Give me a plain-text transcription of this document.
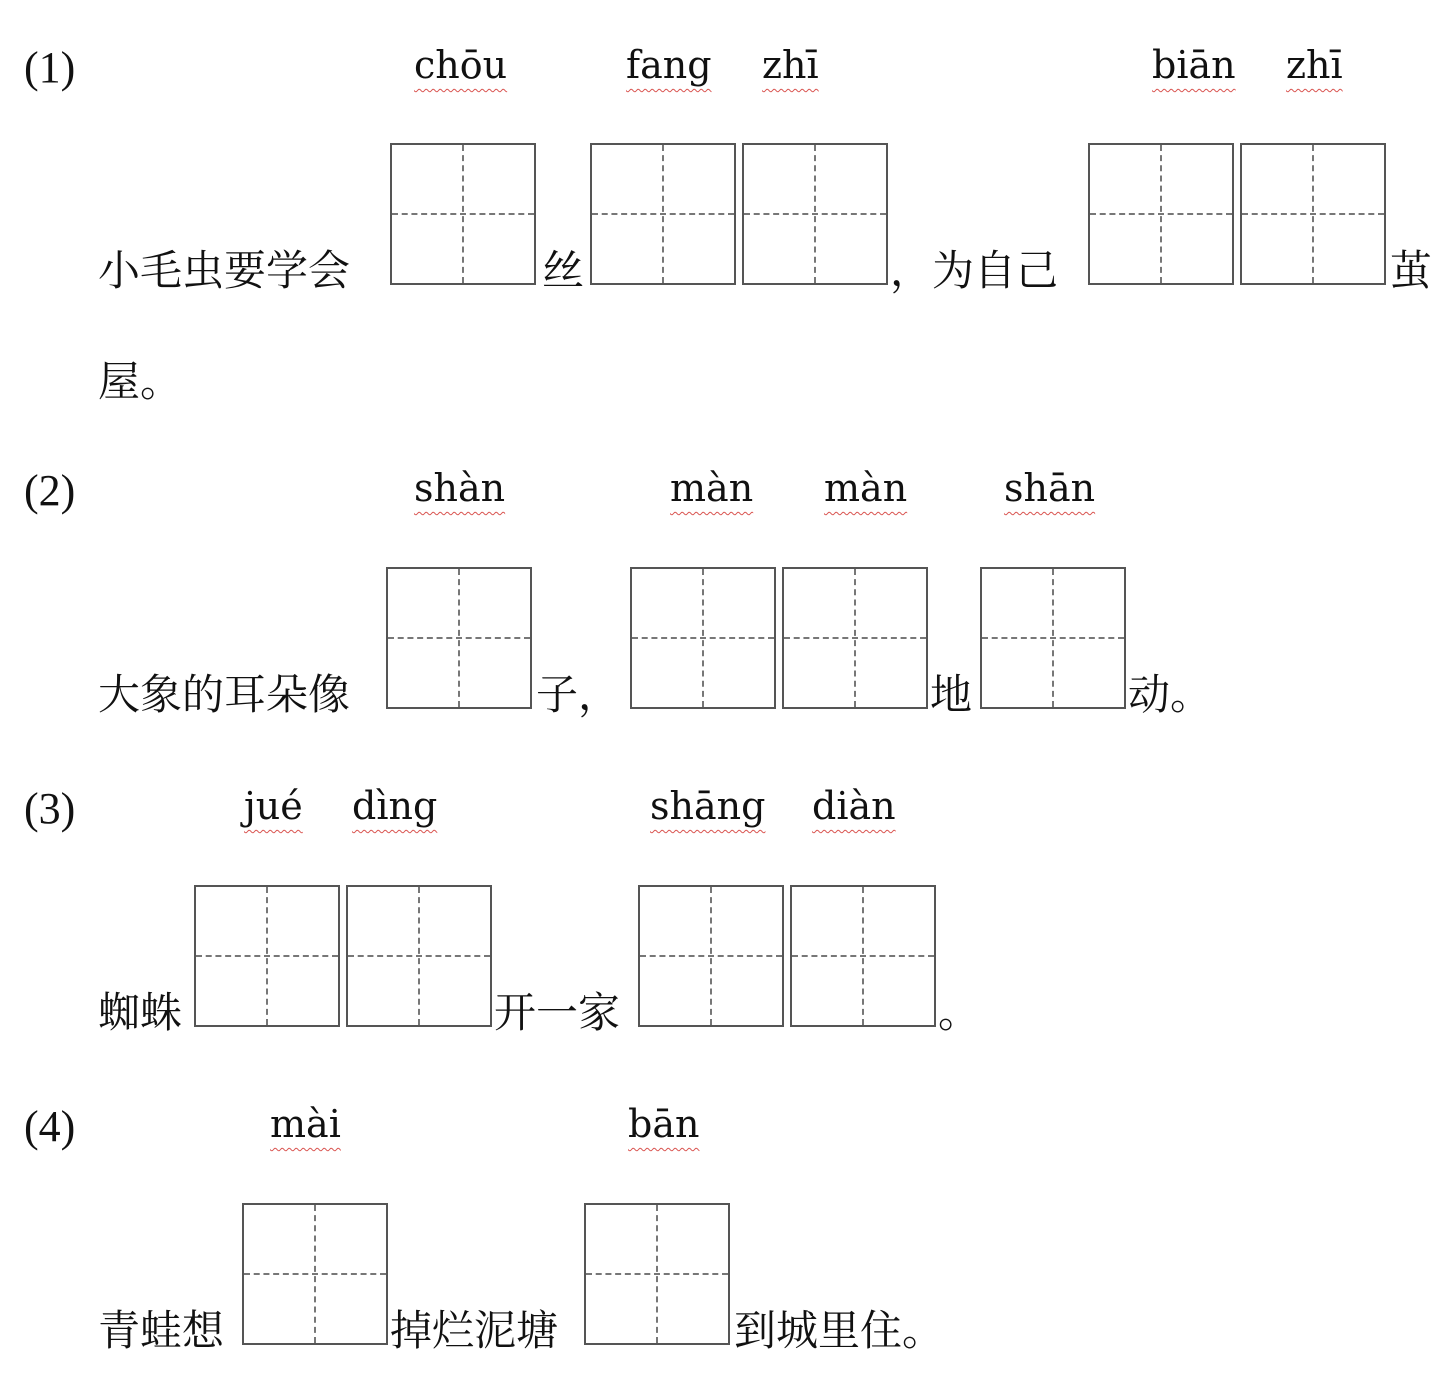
(1)	chōu	fang zhī	biān zhī
小毛虫要学会	丝	，为自己	茧
屋。
(2)	shàn	màn màn	shān
大象的耳朵像	子，	地	动。
(3)	jué dìng	shāng diàn
蜘蛛	开一家	。
(4)	mài	bān
青蛙想	掉烂泥塘	到城里住。
